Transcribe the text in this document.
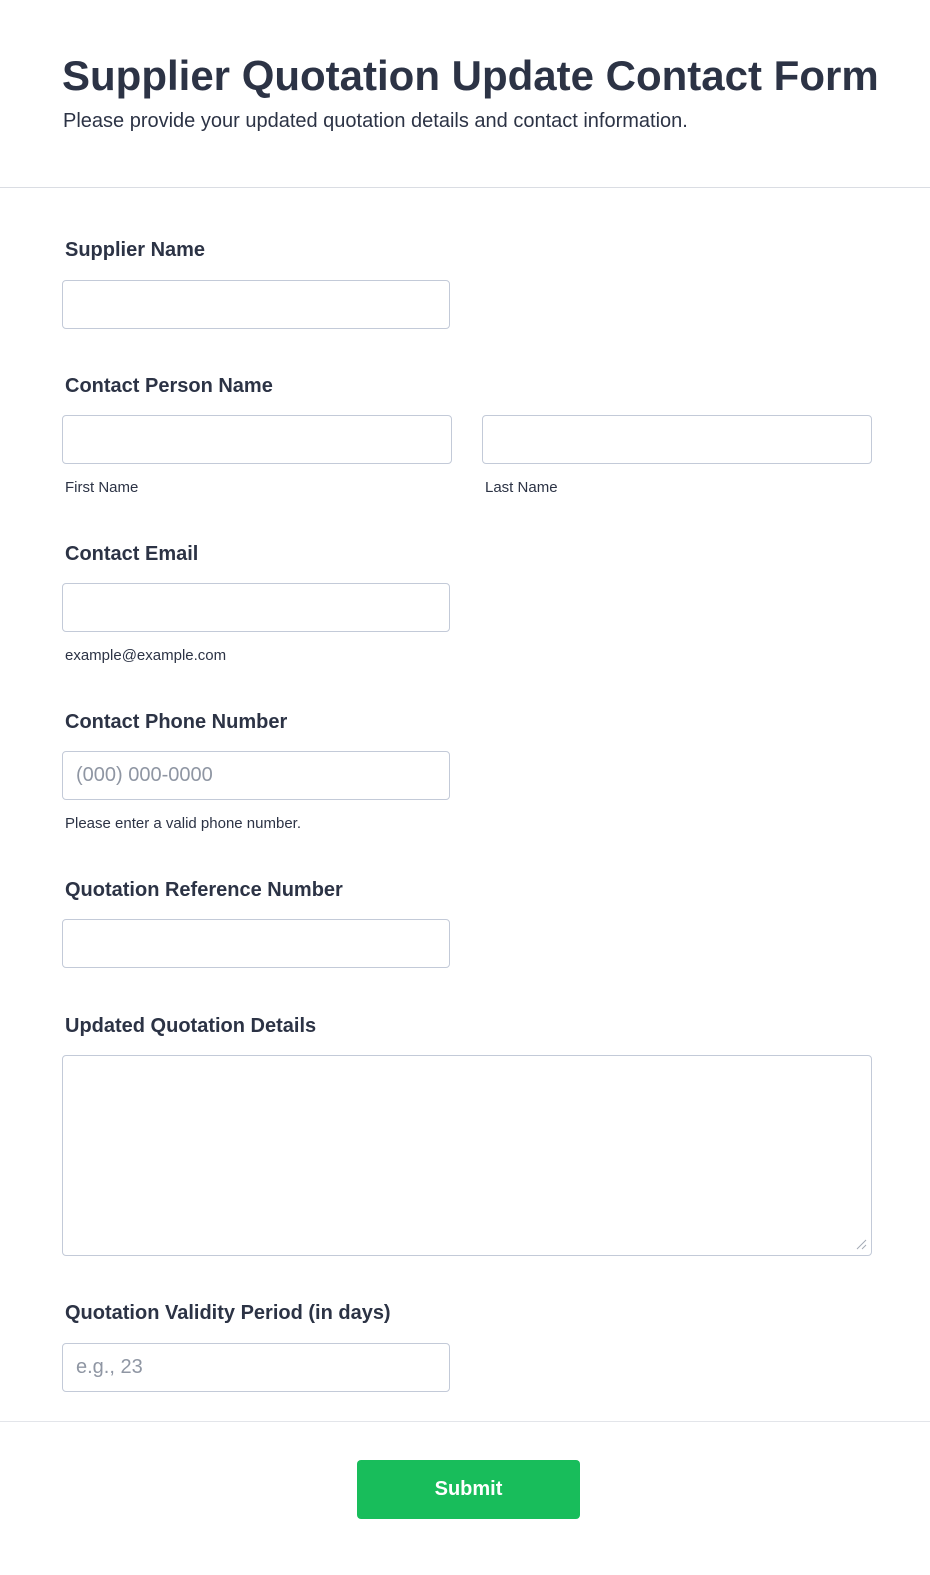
Supplier Quotation Update Contact Form

Please provide your updated quotation details and contact information.

Supplier Name
Contact Person Name
First Name	Last Name
Contact Email
example@example.com
Contact Phone Number
(000) 000-0000
Please enter a valid phone number.
Quotation Reference Number
Updated Quotation Details
Quotation Validity Period (in days)
e.g., 23
Submit
